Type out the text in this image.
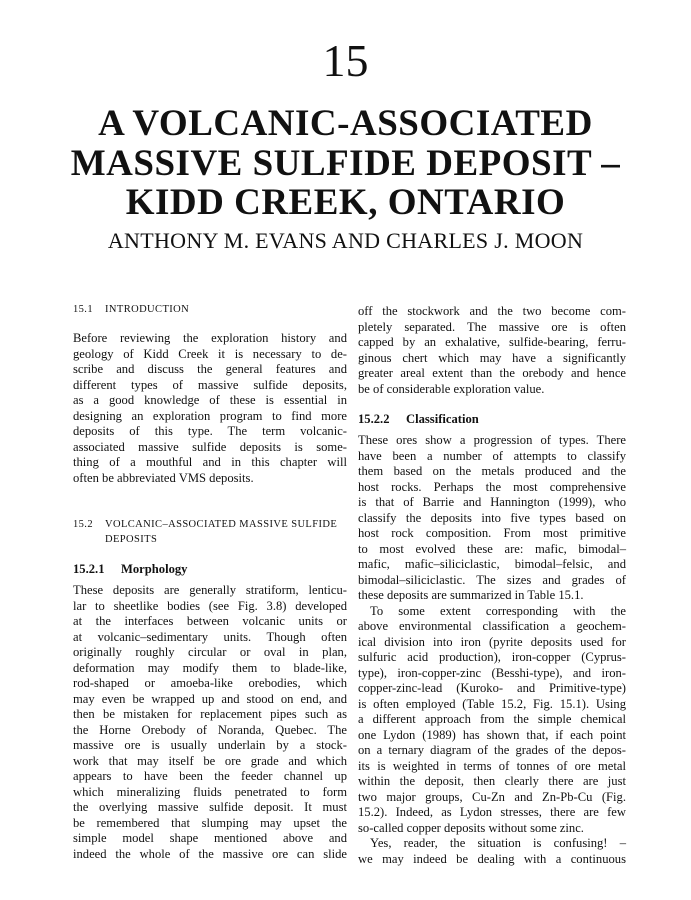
15
A VOLCANIC-ASSOCIATED
MASSIVE SULFIDE DEPOSIT –
KIDD CREEK, ONTARIO
ANTHONY M. EVANS AND CHARLES J. MOON
15.1 INTRODUCTION
Before reviewing the exploration history and
geology of Kidd Creek it is necessary to de-
scribe and discuss the general features and
different types of massive sulfide deposits,
as a good knowledge of these is essential in
designing an exploration program to find more
deposits of this type. The term volcanic-
associated massive sulfide deposits is some-
thing of a mouthful and in this chapter will
often be abbreviated VMS deposits.
15.2 VOLCANIC–ASSOCIATED MASSIVE SULFIDE
DEPOSITS
15.2.1 Morphology
These deposits are generally stratiform, lenticu-
lar to sheetlike bodies (see Fig. 3.8) developed
at the interfaces between volcanic units or
at volcanic–sedimentary units. Though often
originally roughly circular or oval in plan,
deformation may modify them to blade-like,
rod-shaped or amoeba-like orebodies, which
may even be wrapped up and stood on end, and
then be mistaken for replacement pipes such as
the Horne Orebody of Noranda, Quebec. The
massive ore is usually underlain by a stock-
work that may itself be ore grade and which
appears to have been the feeder channel up
which mineralizing fluids penetrated to form
the overlying massive sulfide deposit. It must
be remembered that slumping may upset the
simple model shape mentioned above and
indeed the whole of the massive ore can slide
off the stockwork and the two become com-
pletely separated. The massive ore is often
capped by an exhalative, sulfide-bearing, ferru-
ginous chert which may have a significantly
greater areal extent than the orebody and hence
be of considerable exploration value.
15.2.2 Classification
These ores show a progression of types. There
have been a number of attempts to classify
them based on the metals produced and the
host rocks. Perhaps the most comprehensive
is that of Barrie and Hannington (1999), who
classify the deposits into five types based on
host rock composition. From most primitive
to most evolved these are: mafic, bimodal–
mafic, mafic–siliciclastic, bimodal–felsic, and
bimodal–siliciclastic. The sizes and grades of
these deposits are summarized in Table 15.1.
To some extent corresponding with the
above environmental classification a geochem-
ical division into iron (pyrite deposits used for
sulfuric acid production), iron-copper (Cyprus-
type), iron-copper-zinc (Besshi-type), and iron-
copper-zinc-lead (Kuroko- and Primitive-type)
is often employed (Table 15.2, Fig. 15.1). Using
a different approach from the simple chemical
one Lydon (1989) has shown that, if each point
on a ternary diagram of the grades of the depos-
its is weighted in terms of tonnes of ore metal
within the deposit, then clearly there are just
two major groups, Cu-Zn and Zn-Pb-Cu (Fig.
15.2). Indeed, as Lydon stresses, there are few
so-called copper deposits without some zinc.
Yes, reader, the situation is confusing! –
we may indeed be dealing with a continuous
